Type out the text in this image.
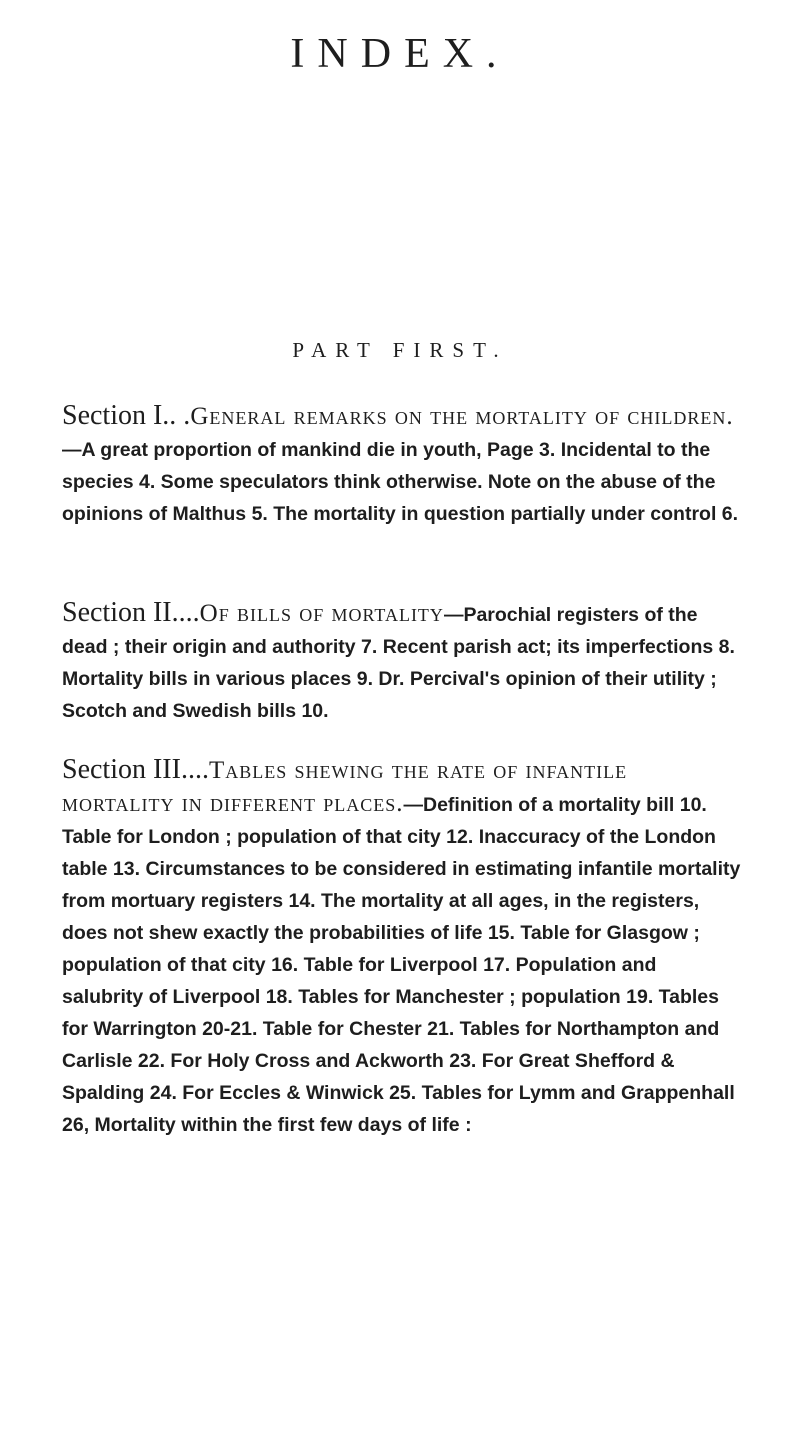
INDEX.
PART FIRST.
Section I.. .General remarks on the mortality of children.—A great proportion of mankind die in youth, Page 3. Incidental to the species 4. Some speculators think otherwise. Note on the abuse of the opinions of Malthus 5. The mortality in question partially under control 6.
Section II....Of bills of mortality—Parochial registers of the dead ; their origin and authority 7. Recent parish act; its imperfections 8. Mortality bills in various places 9. Dr. Percival's opinion of their utility ; Scotch and Swedish bills 10.
Section III....Tables shewing the rate of infantile mortality in different places.—Definition of a mortality bill 10. Table for London ; population of that city 12. Inaccuracy of the London table 13. Circumstances to be considered in estimating infantile mortality from mortuary registers 14. The mortality at all ages, in the registers, does not shew exactly the probabilities of life 15. Table for Glasgow ; population of that city 16. Table for Liverpool 17. Population and salubrity of Liverpool 18. Tables for Manchester ; population 19. Tables for Warrington 20-21. Table for Chester 21. Tables for Northampton and Carlisle 22. For Holy Cross and Ackworth 23. For Great Shefford & Spalding 24. For Eccles & Winwick 25. Tables for Lymm and Grappenhall 26, Mortality within the first few days of life :
